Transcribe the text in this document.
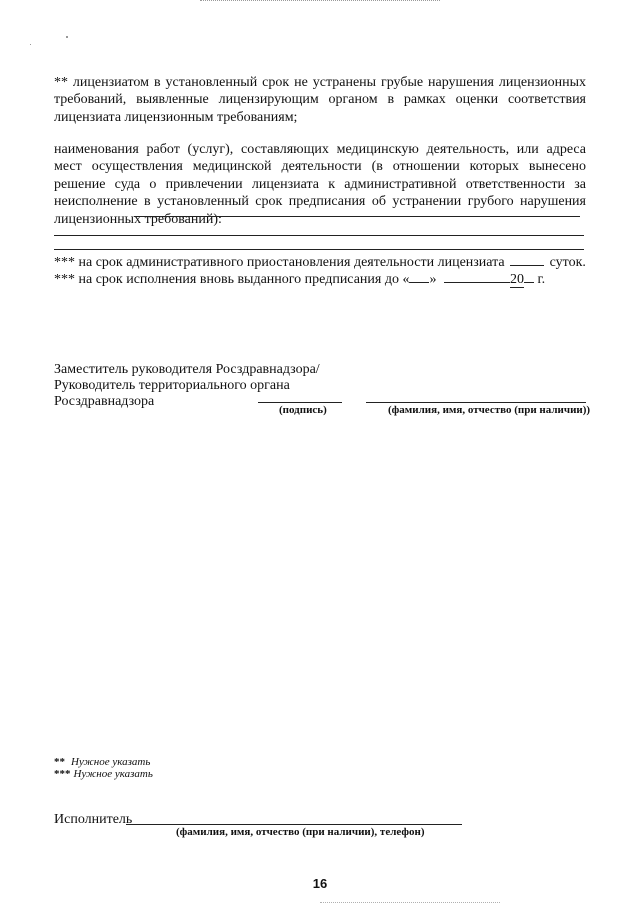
** лицензиатом в установленный срок не устранены грубые нарушения лицензионных требований, выявленные лицензирующим органом в рамках оценки соответствия лицензиата лицензионным требованиям;
наименования работ (услуг), составляющих медицинскую деятельность, или адреса мест осуществления медицинской деятельности (в отношении которых вынесено решение суда о привлечении лицензиата к административной ответственности за неисполнение в установленный срок предписания об устранении грубого нарушения лицензионных требований):
*** на срок административного приостановления деятельности лицензиата	суток.
*** на срок исполнения вновь выданного предписания до « »	20 г.
Заместитель руководителя Росздравнадзора/
Руководитель территориального органа
Росздравнадзора
(подпись)	(фамилия, имя, отчество (при наличии))
** Нужное указать
*** Нужное указать
Исполнитель
(фамилия, имя, отчество (при наличии), телефон)
16
